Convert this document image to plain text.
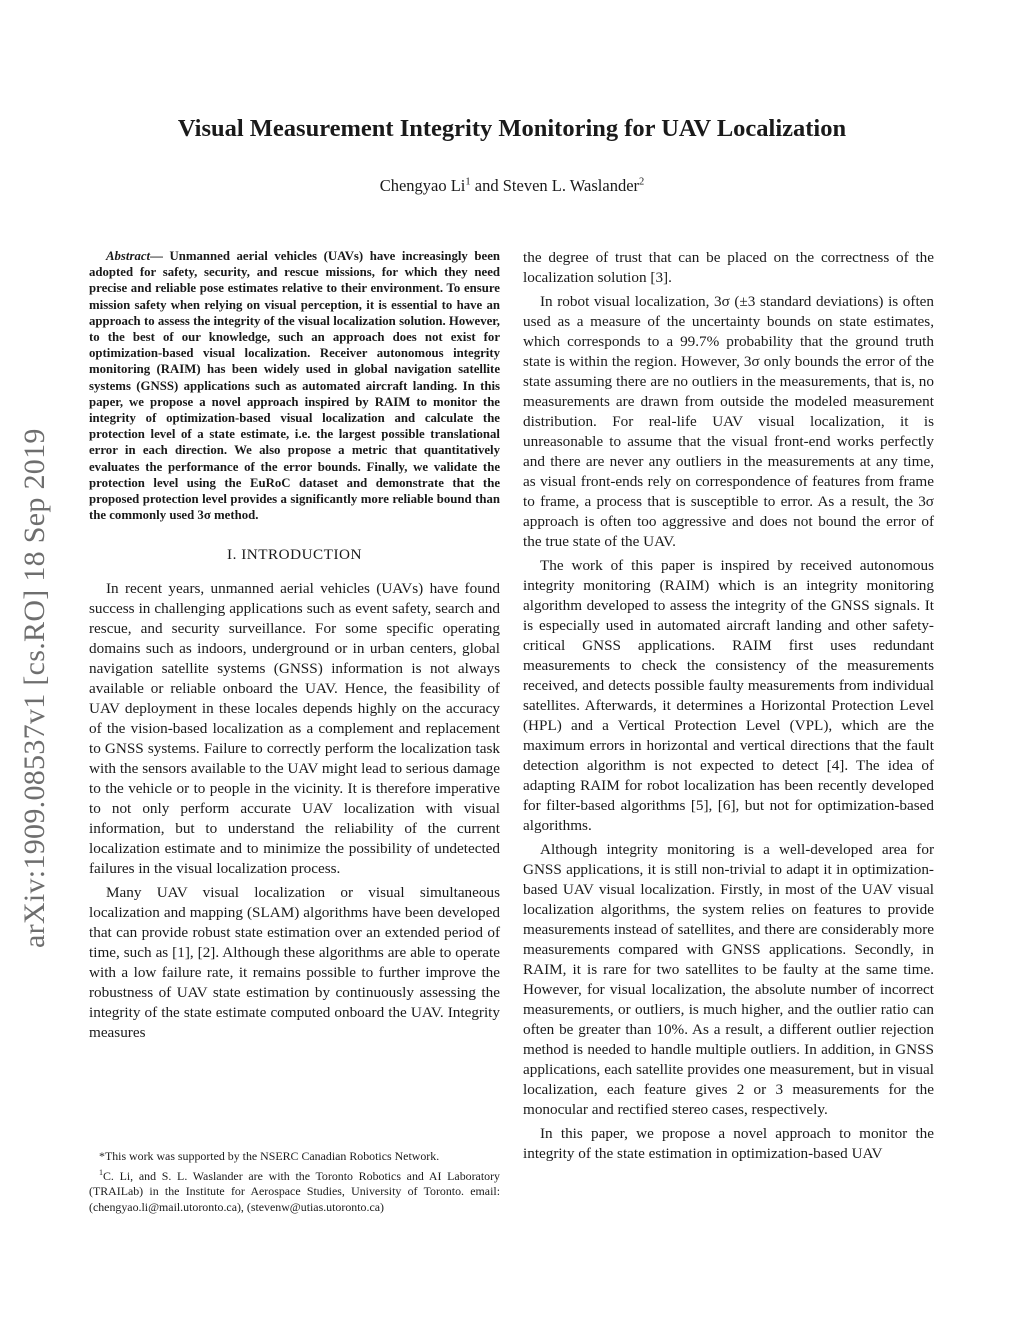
arXiv:1909.08537v1 [cs.RO] 18 Sep 2019
Visual Measurement Integrity Monitoring for UAV Localization
Chengyao Li$^1$ and Steven L. Waslander$^2$

Abstract— Unmanned aerial vehicles (UAVs) have increasingly been adopted for safety, security, and rescue missions, for which they need precise and reliable pose estimates relative to their environment. To ensure mission safety when relying on visual perception, it is essential to have an approach to assess the integrity of the visual localization solution. However, to the best of our knowledge, such an approach does not exist for optimization-based visual localization. Receiver autonomous integrity monitoring (RAIM) has been widely used in global navigation satellite systems (GNSS) applications such as automated aircraft landing. In this paper, we propose a novel approach inspired by RAIM to monitor the integrity of optimization-based visual localization and calculate the protection level of a state estimate, i.e. the largest possible translational error in each direction. We also propose a metric that quantitatively evaluates the performance of the error bounds. Finally, we validate the protection level using the EuRoC dataset and demonstrate that the proposed protection level provides a significantly more reliable bound than the commonly used 3σ method.

I. INTRODUCTION

In recent years, unmanned aerial vehicles (UAVs) have found success in challenging applications such as event safety, search and rescue, and security surveillance. For some specific operating domains such as indoors, underground or in urban centers, global navigation satellite systems (GNSS) information is not always available or reliable onboard the UAV. Hence, the feasibility of UAV deployment in these locales depends highly on the accuracy of the vision-based localization as a complement and replacement to GNSS systems. Failure to correctly perform the localization task with the sensors available to the UAV might lead to serious damage to the vehicle or to people in the vicinity. It is therefore imperative to not only perform accurate UAV localization with visual information, but to understand the reliability of the current localization estimate and to minimize the possibility of undetected failures in the visual localization process.

Many UAV visual localization or visual simultaneous localization and mapping (SLAM) algorithms have been developed that can provide robust state estimation over an extended period of time, such as [1], [2]. Although these algorithms are able to operate with a low failure rate, it remains possible to further improve the robustness of UAV state estimation by continuously assessing the integrity of the state estimate computed onboard the UAV. Integrity measures

*This work was supported by the NSERC Canadian Robotics Network.

$^1$C. Li, and S. L. Waslander are with the Toronto Robotics and AI Laboratory (TRAILab) in the Institute for Aerospace Studies, University of Toronto. email: (chengyao.li@mail.utoronto.ca), (stevenw@utias.utoronto.ca)

the degree of trust that can be placed on the correctness of the localization solution [3].

In robot visual localization, 3σ (±3 standard deviations) is often used as a measure of the uncertainty bounds on state estimates, which corresponds to a 99.7% probability that the ground truth state is within the region. However, 3σ only bounds the error of the state assuming there are no outliers in the measurements, that is, no measurements are drawn from outside the modeled measurement distribution. For real-life UAV visual localization, it is unreasonable to assume that the visual front-end works perfectly and there are never any outliers in the measurements at any time, as visual front-ends rely on correspondence of features from frame to frame, a process that is susceptible to error. As a result, the 3σ approach is often too aggressive and does not bound the error of the true state of the UAV.

The work of this paper is inspired by received autonomous integrity monitoring (RAIM) which is an integrity monitoring algorithm developed to assess the integrity of the GNSS signals. It is especially used in automated aircraft landing and other safety-critical GNSS applications. RAIM first uses redundant measurements to check the consistency of the measurements received, and detects possible faulty measurements from individual satellites. Afterwards, it determines a Horizontal Protection Level (HPL) and a Vertical Protection Level (VPL), which are the maximum errors in horizontal and vertical directions that the fault detection algorithm is not expected to detect [4]. The idea of adapting RAIM for robot localization has been recently developed for filter-based algorithms [5], [6], but not for optimization-based algorithms.

Although integrity monitoring is a well-developed area for GNSS applications, it is still non-trivial to adapt it in optimization-based UAV visual localization. Firstly, in most of the UAV visual localization algorithms, the system relies on features to provide measurements instead of satellites, and there are considerably more measurements compared with GNSS applications. Secondly, in RAIM, it is rare for two satellites to be faulty at the same time. However, for visual localization, the absolute number of incorrect measurements, or outliers, is much higher, and the outlier ratio can often be greater than 10%. As a result, a different outlier rejection method is needed to handle multiple outliers. In addition, in GNSS applications, each satellite provides one measurement, but in visual localization, each feature gives 2 or 3 measurements for the monocular and rectified stereo cases, respectively.

In this paper, we propose a novel approach to monitor the integrity of the state estimation in optimization-based UAV
